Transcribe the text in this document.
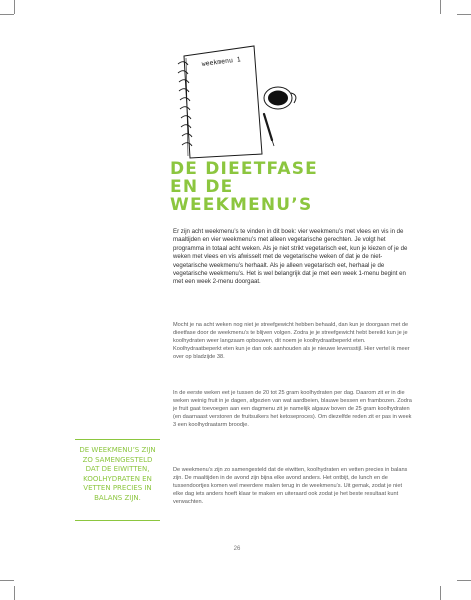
weekmenu 1
DE DIEETFASE
EN DE
WEEKMENU’S

Er zijn acht weekmenu’s te vinden in dit boek: vier weekmenu’s met vlees en vis in de maaltijden en vier weekmenu’s met alleen vegetarische gerechten. Je volgt het programma in totaal acht weken. Als je niet strikt vegetarisch eet, kun je kiezen of je de weken met vlees en vis afwisselt met de vegetarische weken of dat je de niet-vegetarische weekmenu’s herhaalt. Als je alleen vegetarisch eet, herhaal je de vegetarische weekmenu’s. Het is wel belangrijk dat je met een week 1-menu begint en met een week 2-menu doorgaat.

Mocht je na acht weken nog niet je streefgewicht hebben behaald, dan kun je doorgaan met de dieetfase door de weekmenu’s te blijven volgen. Zodra je je streefgewicht hebt bereikt kun je je koolhydraten weer langzaam opbouwen, dit noem je koolhydraatbeperkt eten. Koolhydraatbeperkt eten kun je dan ook aanhouden als je nieuwe levensstijl. Hier vertel ik meer over op bladzijde 38.

In de eerste weken eet je tussen de 20 tot 25 gram koolhydraten per dag. Daarom zit er in die weken weinig fruit in je dagen, afgezien van wat aardbeien, blauwe bessen en frambozen. Zodra je fruit gaat toevoegen aan een dagmenu zit je namelijk algauw boven de 25 gram koolhydraten (en daarnaast verstoren de fruitsuikers het ketoseproces). Om diezelfde reden zit er pas in week 3 een koolhydraatarm broodje.

De weekmenu’s zijn zo samengesteld dat de eiwitten, koolhydraten en vetten precies in balans zijn. De maaltijden in de avond zijn bijna elke avond anders. Het ontbijt, de lunch en de tussendoortjes komen wel meerdere malen terug in de weekmenu’s. Uit gemak, zodat je niet elke dag iets anders hoeft klaar te maken en uiteraard ook zodat je het beste resultaat kunt verwachten.

DE WEEKMENU’S ZIJN ZO SAMENGESTELD DAT DE EIWITTEN, KOOLHYDRATEN EN VETTEN PRECIES IN BALANS ZIJN.

26
